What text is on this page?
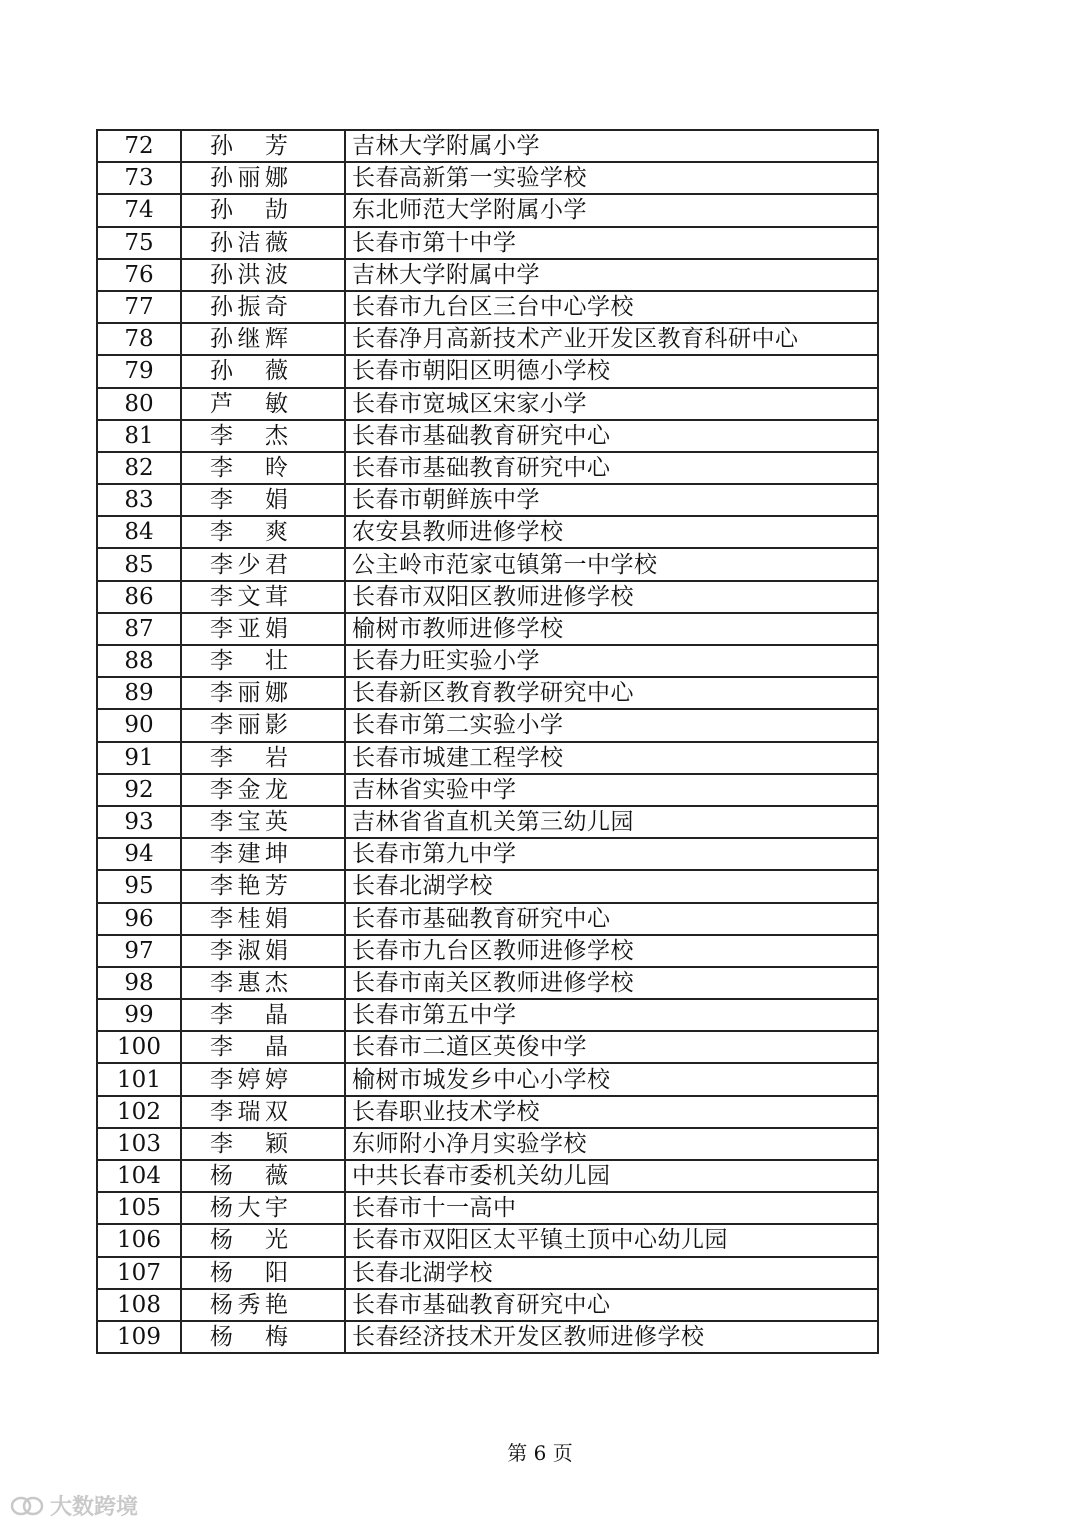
72	孙 芳	吉林大学附属小学
73	孙丽娜	长春高新第一实验学校
74	孙 劼	东北师范大学附属小学
75	孙洁薇	长春市第十中学
76	孙洪波	吉林大学附属中学
77	孙振奇	长春市九台区三台中心学校
78	孙继辉	长春净月高新技术产业开发区教育科研中心
79	孙 薇	长春市朝阳区明德小学校
80	芦 敏	长春市宽城区宋家小学
81	李 杰	长春市基础教育研究中心
82	李 昤	长春市基础教育研究中心
83	李 娟	长春市朝鲜族中学
84	李 爽	农安县教师进修学校
85	李少君	公主岭市范家屯镇第一中学校
86	李文茸	长春市双阳区教师进修学校
87	李亚娟	榆树市教师进修学校
88	李 壮	长春力旺实验小学
89	李丽娜	长春新区教育教学研究中心
90	李丽影	长春市第二实验小学
91	李 岩	长春市城建工程学校
92	李金龙	吉林省实验中学
93	李宝英	吉林省省直机关第三幼儿园
94	李建坤	长春市第九中学
95	李艳芳	长春北湖学校
96	李桂娟	长春市基础教育研究中心
97	李淑娟	长春市九台区教师进修学校
98	李惠杰	长春市南关区教师进修学校
99	李 晶	长春市第五中学
100	李 晶	长春市二道区英俊中学
101	李婷婷	榆树市城发乡中心小学校
102	李瑞双	长春职业技术学校
103	李 颖	东师附小净月实验学校
104	杨 薇	中共长春市委机关幼儿园
105	杨大宇	长春市十一高中
106	杨 光	长春市双阳区太平镇土顶中心幼儿园
107	杨 阳	长春北湖学校
108	杨秀艳	长春市基础教育研究中心
109	杨 梅	长春经济技术开发区教师进修学校
第 6 页
大数跨境
